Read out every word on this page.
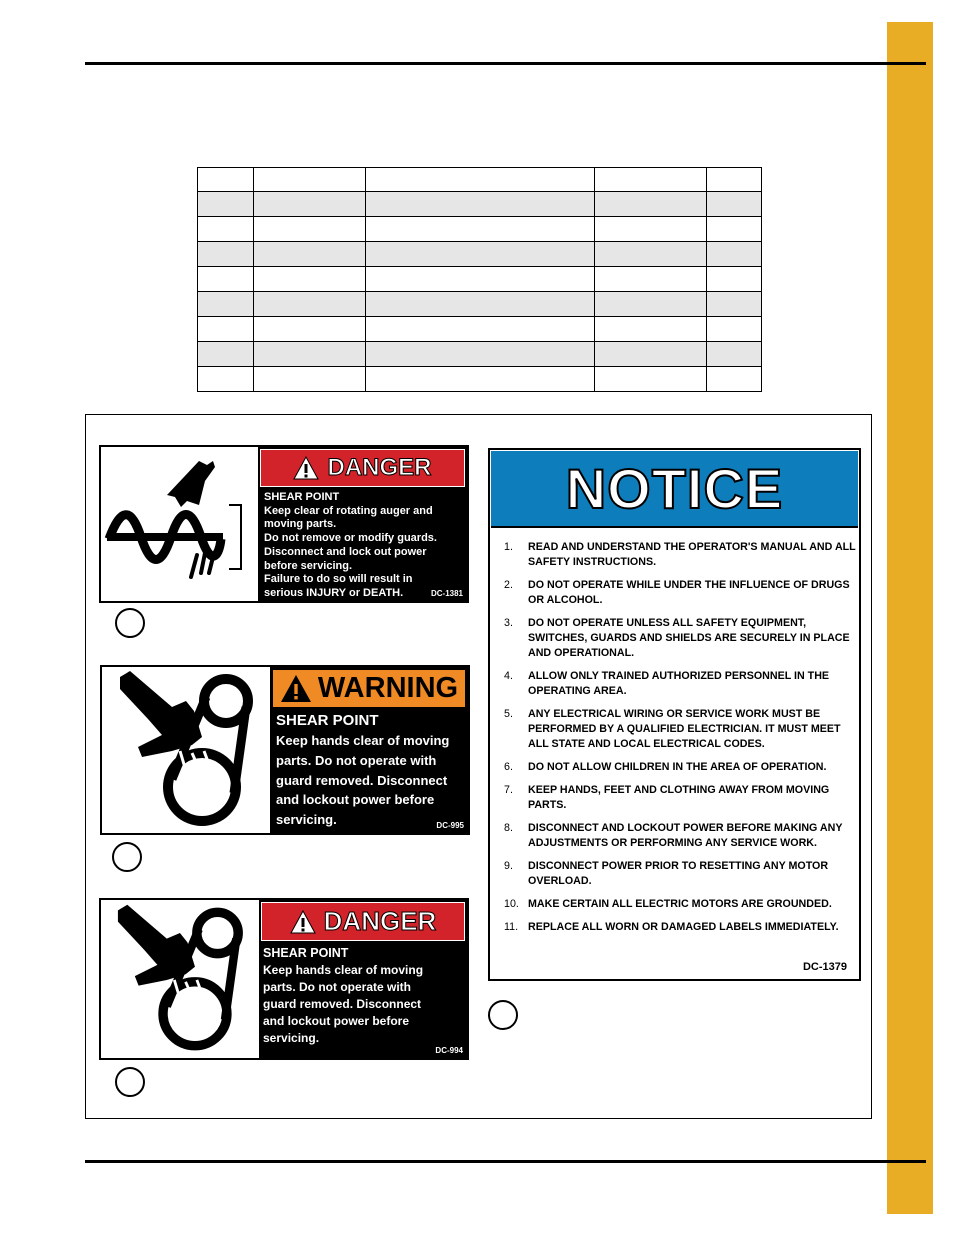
DANGER
SHEAR POINT
Keep clear of rotating auger and
moving parts.
Do not remove or modify guards.
Disconnect and lock out power
before servicing.
Failure to do so will result in
serious INJURY or DEATH.	DC-1381
WARNING
SHEAR POINT
Keep hands clear of moving
parts. Do not operate with
guard removed. Disconnect
and lockout power before
servicing.	DC-995
DANGER
SHEAR POINT
Keep hands clear of moving
parts. Do not operate with
guard removed. Disconnect
and lockout power before
servicing.
DC-994
NOTICE
1. READ AND UNDERSTAND THE OPERATOR'S MANUAL AND ALL SAFETY INSTRUCTIONS.
2. DO NOT OPERATE WHILE UNDER THE INFLUENCE OF DRUGS OR ALCOHOL.
3. DO NOT OPERATE UNLESS ALL SAFETY EQUIPMENT, SWITCHES, GUARDS AND SHIELDS ARE SECURELY IN PLACE AND OPERATIONAL.
4. ALLOW ONLY TRAINED AUTHORIZED PERSONNEL IN THE OPERATING AREA.
5. ANY ELECTRICAL WIRING OR SERVICE WORK MUST BE PERFORMED BY A QUALIFIED ELECTRICIAN. IT MUST MEET ALL STATE AND LOCAL ELECTRICAL CODES.
6. DO NOT ALLOW CHILDREN IN THE AREA OF OPERATION.
7. KEEP HANDS, FEET AND CLOTHING AWAY FROM MOVING PARTS.
8. DISCONNECT AND LOCKOUT POWER BEFORE MAKING ANY ADJUSTMENTS OR PERFORMING ANY SERVICE WORK.
9. DISCONNECT POWER PRIOR TO RESETTING ANY MOTOR OVERLOAD.
10. MAKE CERTAIN ALL ELECTRIC MOTORS ARE GROUNDED.
11. REPLACE ALL WORN OR DAMAGED LABELS IMMEDIATELY.
DC-1379
